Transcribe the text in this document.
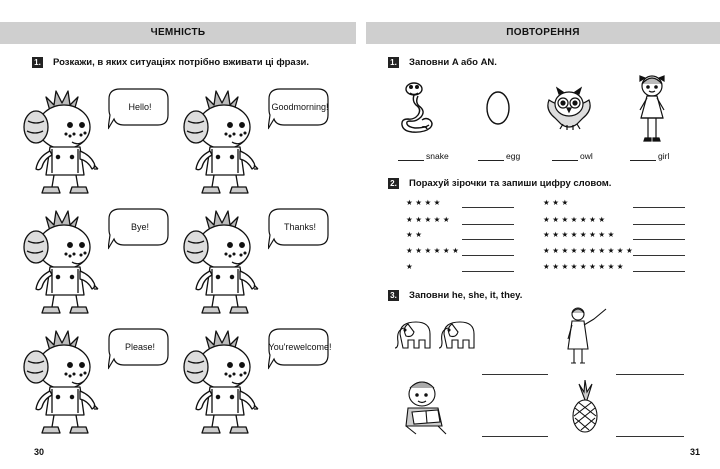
ЧЕМНІСТЬ
1. Розкажи, в яких ситуаціях потрібно вживати ці фрази.
Hello!	Good morning!
Bye!	Thanks!
Please!	You're welcome!
30
ПОВТОРЕННЯ
1. Заповни A або AN.
snake	egg	owl	girl
2. Порахуй зірочки та запиши цифру словом.
★★★★
★★★★★
★★
★★★★★★
★
★★★
★★★★★★★
★★★★★★★★
★★★★★★★★★★
★★★★★★★★★
3. Заповни he, she, it, they.
31
